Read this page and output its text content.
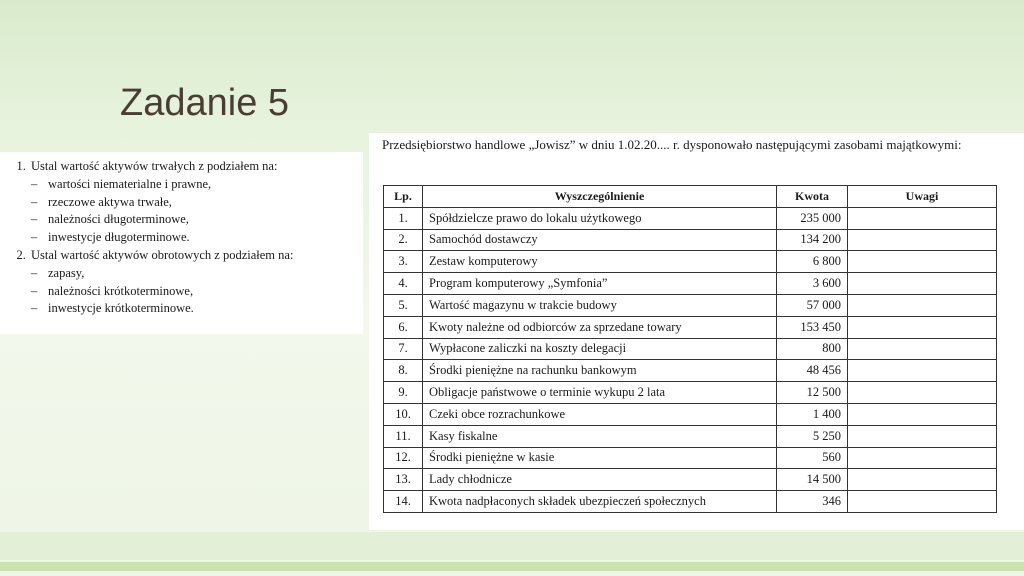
Zadanie 5
1. Ustal wartość aktywów trwałych z podziałem na:
– wartości niematerialne i prawne,
– rzeczowe aktywa trwałe,
– należności długoterminowe,
– inwestycje długoterminowe.
2. Ustal wartość aktywów obrotowych z podziałem na:
– zapasy,
– należności krótkoterminowe,
– inwestycje krótkoterminowe.
Przedsiębiorstwo handlowe „Jowisz” w dniu 1.02.20.... r. dysponowało następującymi zasobami majątkowymi:
Lp.	Wyszczególnienie	Kwota	Uwagi
1.	Spółdzielcze prawo do lokalu użytkowego	235 000	
2.	Samochód dostawczy	134 200	
3.	Zestaw komputerowy	6 800	
4.	Program komputerowy „Symfonia”	3 600	
5.	Wartość magazynu w trakcie budowy	57 000	
6.	Kwoty należne od odbiorców za sprzedane towary	153 450	
7.	Wypłacone zaliczki na koszty delegacji	800	
8.	Środki pieniężne na rachunku bankowym	48 456	
9.	Obligacje państwowe o terminie wykupu 2 lata	12 500	
10.	Czeki obce rozrachunkowe	1 400	
11.	Kasy fiskalne	5 250	
12.	Środki pieniężne w kasie	560	
13.	Lady chłodnicze	14 500	
14.	Kwota nadpłaconych składek ubezpieczeń społecznych	346	
